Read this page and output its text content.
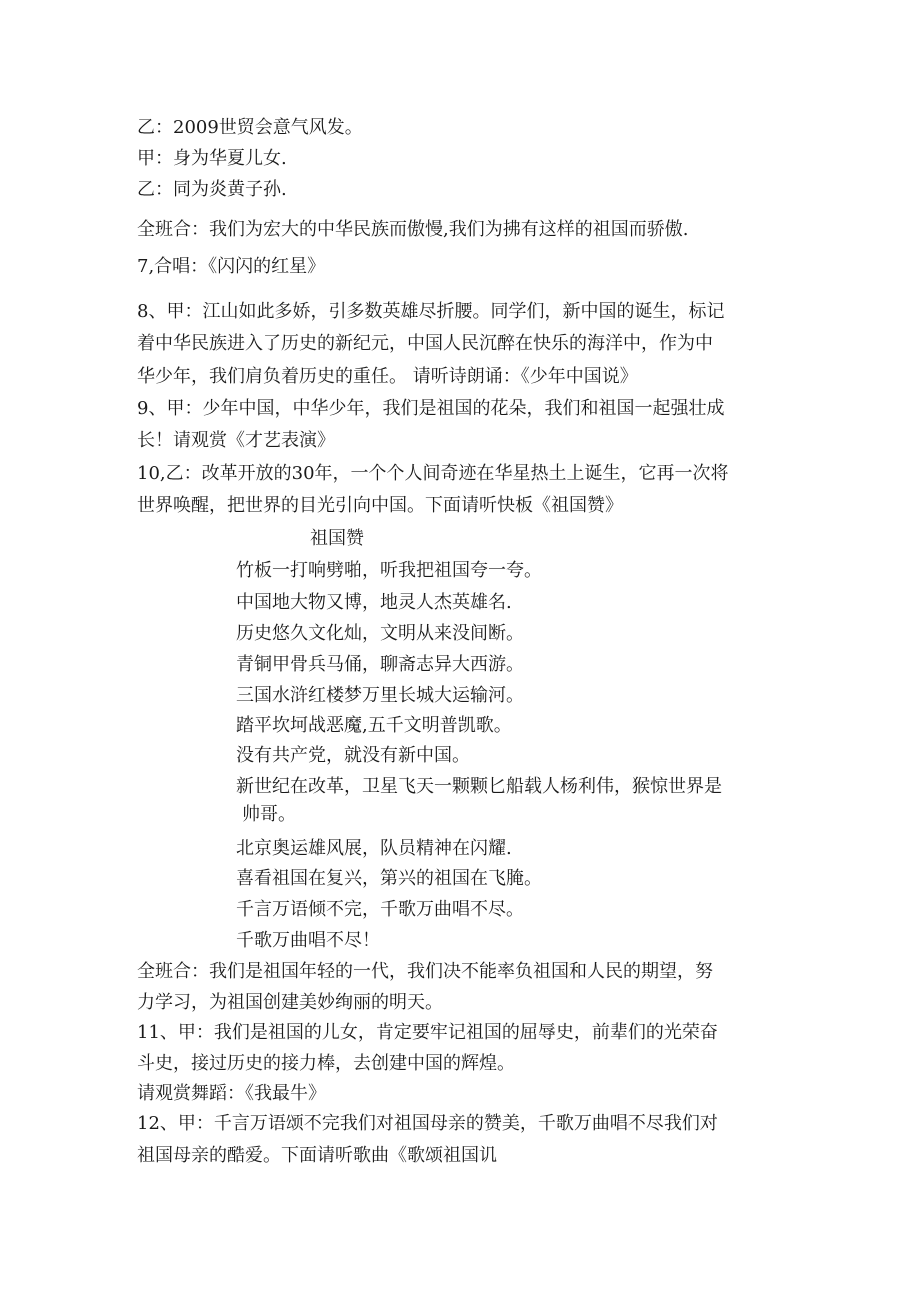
乙：2009世贸会意气风发。
甲：身为华夏儿女.
乙：同为炎黄子孙.
全班合：我们为宏大的中华民族而傲慢,我们为拂有这样的祖国而骄傲.
7,合唱：《闪闪的红星》
8、甲：江山如此多娇，引多数英雄尽折腰。同学们，新中国的诞生，标记
着中华民族进入了历史的新纪元，中国人民沉醉在快乐的海洋中，作为中
华少年，我们肩负着历史的重任。 请听诗朗诵：《少年中国说》
9、甲：少年中国，中华少年，我们是祖国的花朵，我们和祖国一起强壮成
长！请观赏《才艺表演》
10,乙：改革开放的30年，一个个人间奇迹在华星热土上诞生，它再一次将
世界唤醒，把世界的目光引向中国。下面请听快板《祖国赞》
祖国赞
竹板一打响劈啪，听我把祖国夸一夸。
中国地大物又博，地灵人杰英雄名.
历史悠久文化灿，文明从来没间断。
青铜甲骨兵马俑，聊斋志异大西游。
三国水浒红楼梦万里长城大运输河。
踏平坎坷战恶魔,五千文明普凯歌。
没有共产党，就没有新中国。
新世纪在改革，卫星飞天一颗颗匕船载人杨利伟，猴惊世界是
帅哥。
北京奥运雄风展，队员精神在闪耀.
喜看祖国在复兴，第兴的祖国在飞腌。
千言万语倾不完，千歌万曲唱不尽。
千歌万曲唱不尽！
全班合：我们是祖国年轻的一代，我们决不能率负祖国和人民的期望，努
力学习，为祖国创建美妙绚丽的明天。
11、甲：我们是祖国的儿女，肯定要牢记祖国的屈辱史，前辈们的光荣奋
斗史，接过历史的接力棒，去创建中国的辉煌。
请观赏舞蹈：《我最牛》
12、甲：千言万语颂不完我们对祖国母亲的赞美，千歌万曲唱不尽我们对
祖国母亲的酷爱。下面请听歌曲《歌颂祖国讥
